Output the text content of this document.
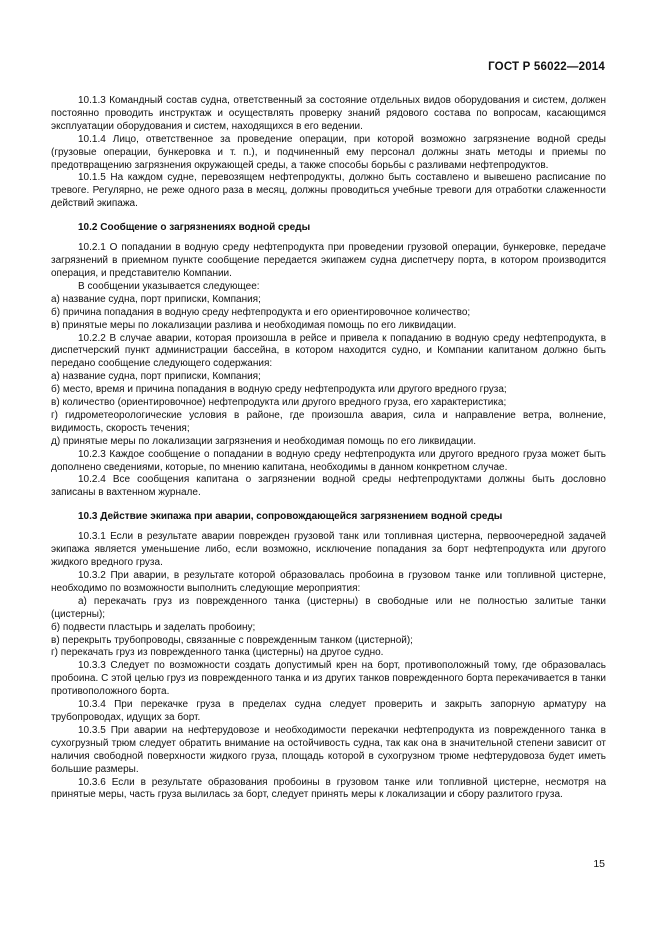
ГОСТ Р 56022—2014

10.1.3 Командный состав судна, ответственный за состояние отдельных видов оборудования и систем, должен постоянно проводить инструктаж и осуществлять проверку знаний рядового состава по вопросам, касающимся эксплуатации оборудования и систем, находящихся в его ведении.

10.1.4 Лицо, ответственное за проведение операции, при которой возможно загрязнение водной среды (грузовые операции, бункеровка и т. п.), и подчиненный ему персонал должны знать методы и приемы по предотвращению загрязнения окружающей среды, а также способы борьбы с разливами нефтепродуктов.

10.1.5 На каждом судне, перевозящем нефтепродукты, должно быть составлено и вывешено расписание по тревоге. Регулярно, не реже одного раза в месяц, должны проводиться учебные тревоги для отработки слаженности действий экипажа.

10.2 Сообщение о загрязнениях водной среды

10.2.1 О попадании в водную среду нефтепродукта при проведении грузовой операции, бункеровке, передаче загрязнений в приемном пункте сообщение передается экипажем судна диспетчеру порта, в котором производится операция, и представителю Компании.

В сообщении указывается следующее:

а) название судна, порт приписки, Компания;

б) причина попадания в водную среду нефтепродукта и его ориентировочное количество;

в) принятые меры по локализации разлива и необходимая помощь по его ликвидации.

10.2.2 В случае аварии, которая произошла в рейсе и привела к попаданию в водную среду нефтепродукта, в диспетчерский пункт администрации бассейна, в котором находится судно, и Компании капитаном должно быть передано сообщение следующего содержания:

а) название судна, порт приписки, Компания;

б) место, время и причина попадания в водную среду нефтепродукта или другого вредного груза;

в) количество (ориентировочное) нефтепродукта или другого вредного груза, его характеристика;

г) гидрометеорологические условия в районе, где произошла авария, сила и направление ветра, волнение, видимость, скорость течения;

д) принятые меры по локализации загрязнения и необходимая помощь по его ликвидации.

10.2.3 Каждое сообщение о попадании в водную среду нефтепродукта или другого вредного груза может быть дополнено сведениями, которые, по мнению капитана, необходимы в данном конкретном случае.

10.2.4 Все сообщения капитана о загрязнении водной среды нефтепродуктами должны быть дословно записаны в вахтенном журнале.

10.3 Действие экипажа при аварии, сопровождающейся загрязнением водной среды

10.3.1 Если в результате аварии поврежден грузовой танк или топливная цистерна, первоочередной задачей экипажа является уменьшение либо, если возможно, исключение попадания за борт нефтепродукта или другого жидкого вредного груза.

10.3.2 При аварии, в результате которой образовалась пробоина в грузовом танке или топливной цистерне, необходимо по возможности выполнить следующие мероприятия:

а) перекачать груз из поврежденного танка (цистерны) в свободные или не полностью залитые танки (цистерны);

б) подвести пластырь и заделать пробоину;

в) перекрыть трубопроводы, связанные с поврежденным танком (цистерной);

г) перекачать груз из поврежденного танка (цистерны) на другое судно.

10.3.3 Следует по возможности создать допустимый крен на борт, противоположный тому, где образовалась пробоина. С этой целью груз из поврежденного танка и из других танков поврежденного борта перекачивается в танки противоположного борта.

10.3.4 При перекачке груза в пределах судна следует проверить и закрыть запорную арматуру на трубопроводах, идущих за борт.

10.3.5 При аварии на нефтерудовозе и необходимости перекачки нефтепродукта из поврежденного танка в сухогрузный трюм следует обратить внимание на остойчивость судна, так как она в значительной степени зависит от наличия свободной поверхности жидкого груза, площадь которой в сухогрузном трюме нефтерудовоза будет иметь большие размеры.

10.3.6 Если в результате образования пробоины в грузовом танке или топливной цистерне, несмотря на принятые меры, часть груза вылилась за борт, следует принять меры к локализации и сбору разлитого груза.

15
